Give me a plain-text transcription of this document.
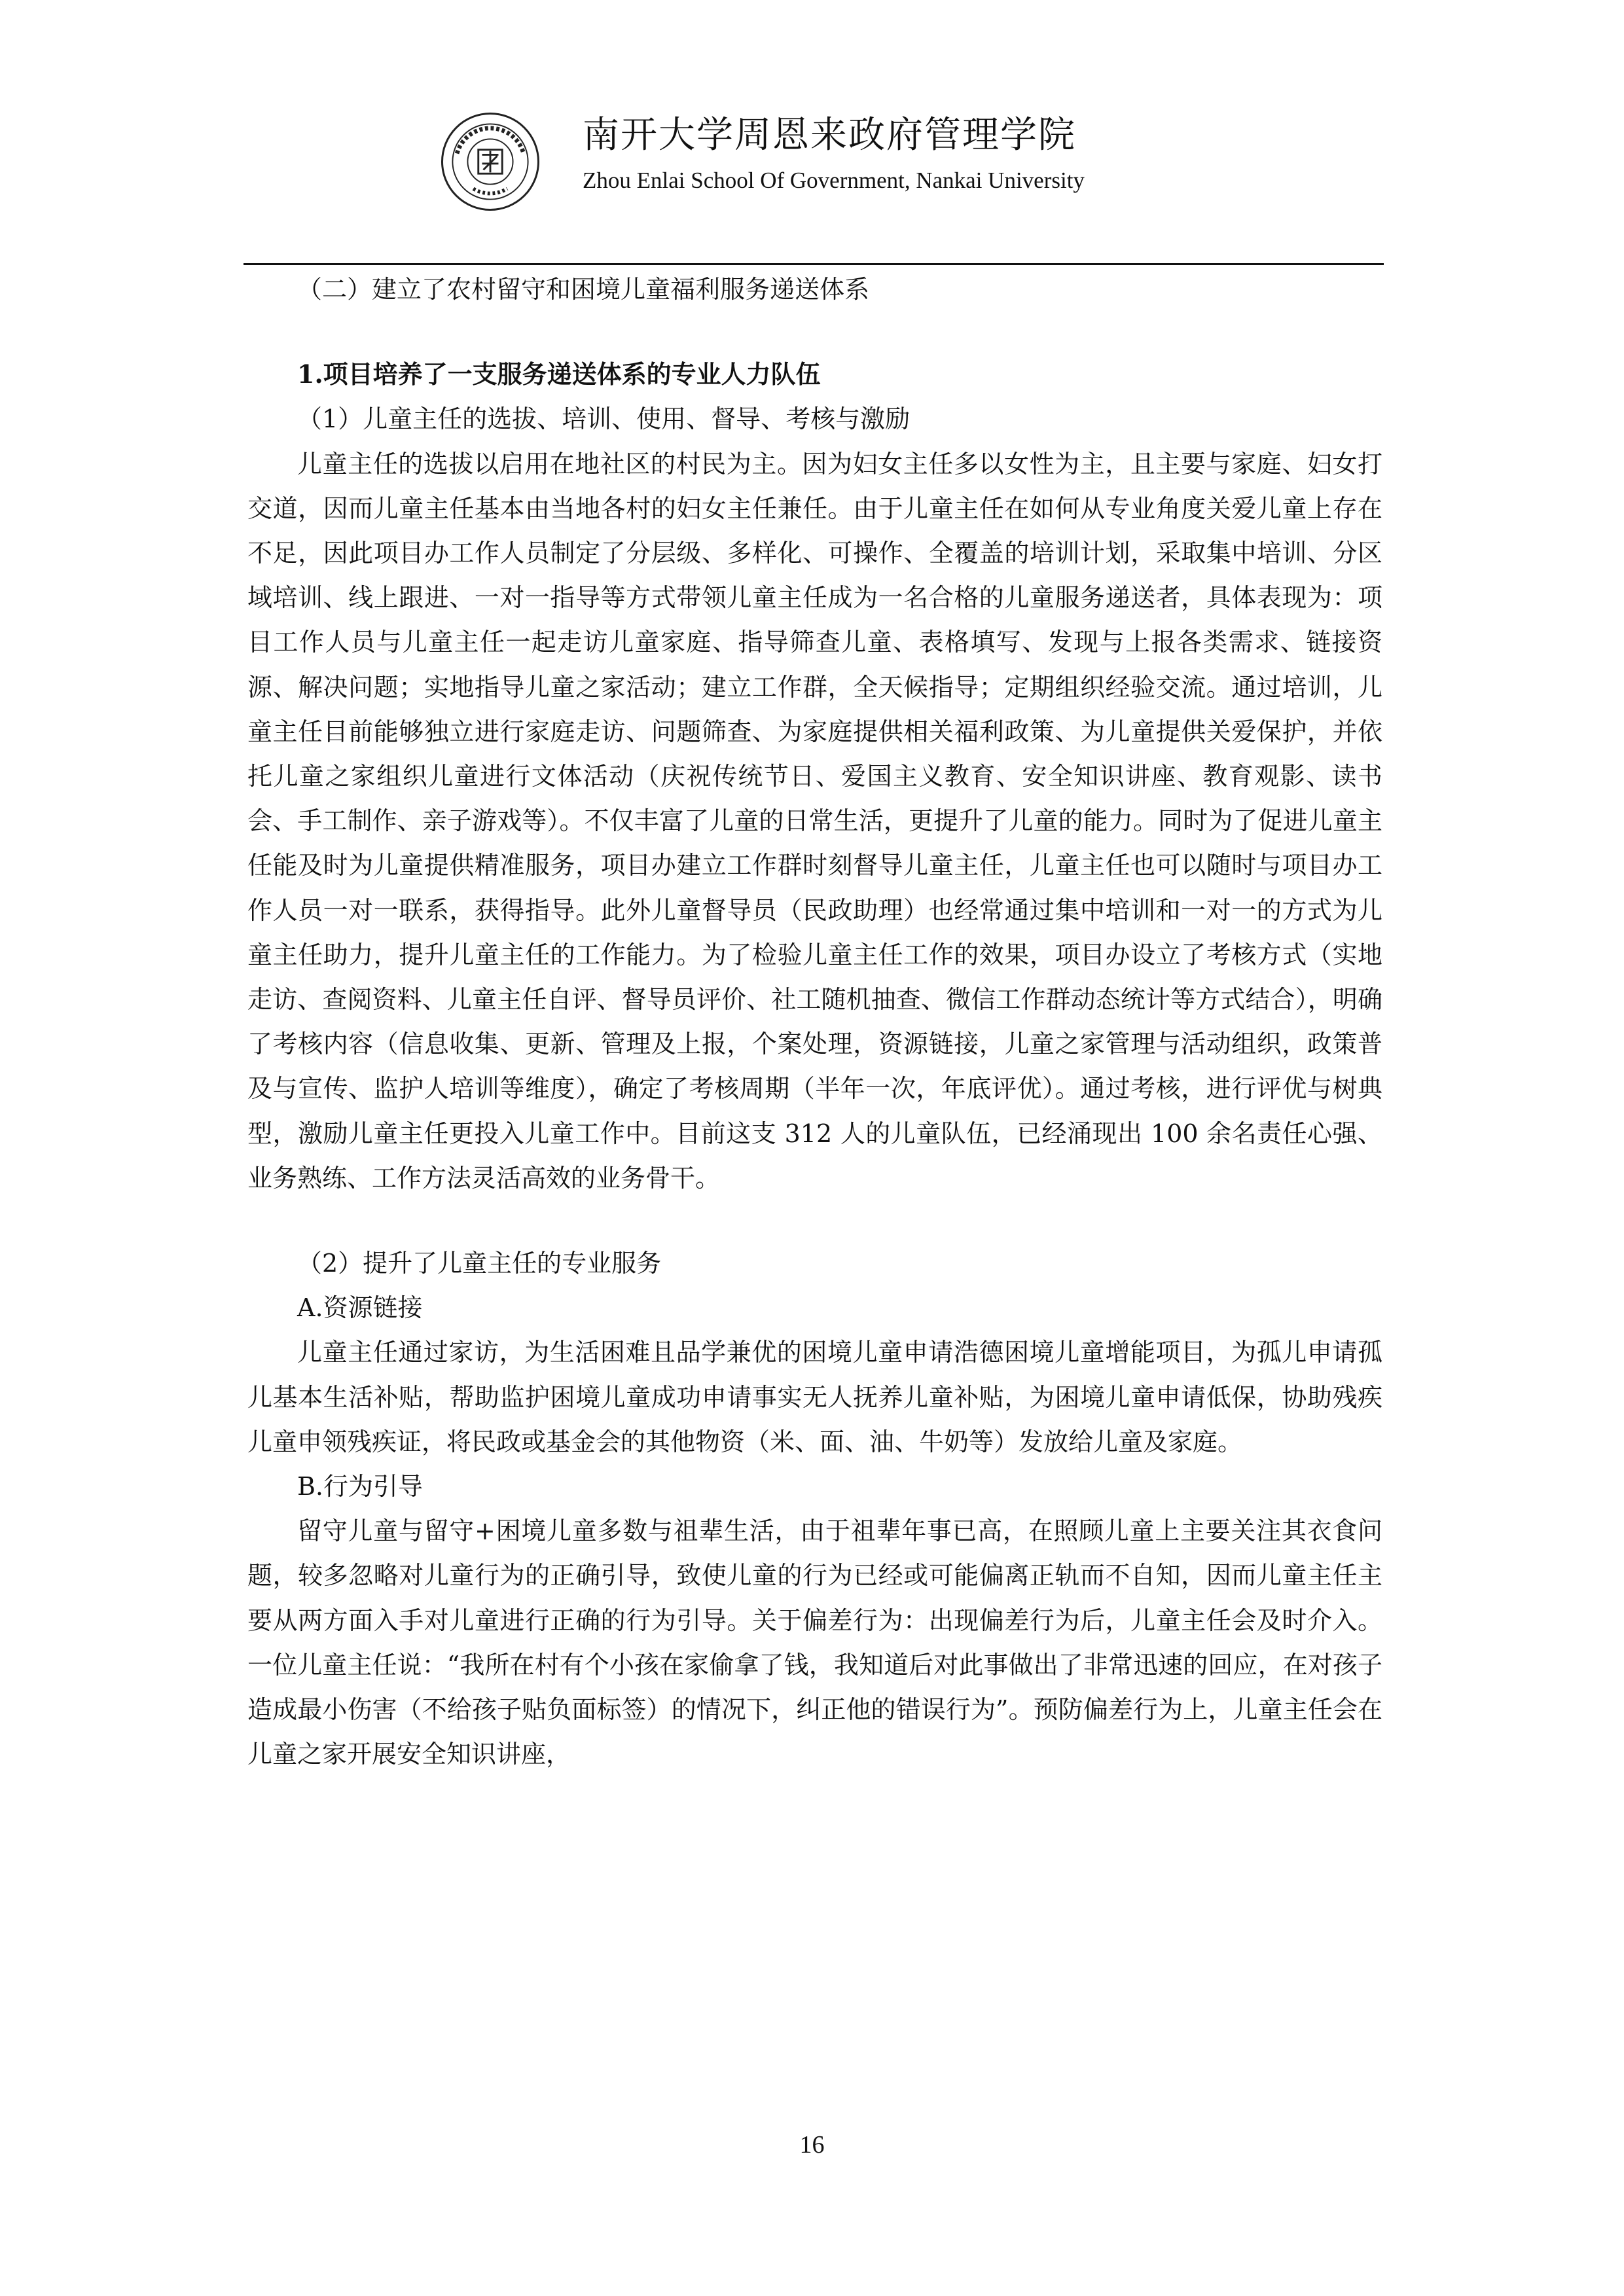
南开大学周恩来政府管理学院
Zhou Enlai School Of Government, Nankai University

（二）建立了农村留守和困境儿童福利服务递送体系

1.项目培养了一支服务递送体系的专业人力队伍

（1）儿童主任的选拔、培训、使用、督导、考核与激励

儿童主任的选拔以启用在地社区的村民为主。因为妇女主任多以女性为主，且主要与家庭、妇女打交道，因而儿童主任基本由当地各村的妇女主任兼任。由于儿童主任在如何从专业角度关爱儿童上存在不足，因此项目办工作人员制定了分层级、多样化、可操作、全覆盖的培训计划，采取集中培训、分区域培训、线上跟进、一对一指导等方式带领儿童主任成为一名合格的儿童服务递送者，具体表现为：项目工作人员与儿童主任一起走访儿童家庭、指导筛查儿童、表格填写、发现与上报各类需求、链接资源、解决问题；实地指导儿童之家活动；建立工作群，全天候指导；定期组织经验交流。通过培训，儿童主任目前能够独立进行家庭走访、问题筛查、为家庭提供相关福利政策、为儿童提供关爱保护，并依托儿童之家组织儿童进行文体活动（庆祝传统节日、爱国主义教育、安全知识讲座、教育观影、读书会、手工制作、亲子游戏等）。不仅丰富了儿童的日常生活，更提升了儿童的能力。同时为了促进儿童主任能及时为儿童提供精准服务，项目办建立工作群时刻督导儿童主任，儿童主任也可以随时与项目办工作人员一对一联系，获得指导。此外儿童督导员（民政助理）也经常通过集中培训和一对一的方式为儿童主任助力，提升儿童主任的工作能力。为了检验儿童主任工作的效果，项目办设立了考核方式（实地走访、查阅资料、儿童主任自评、督导员评价、社工随机抽查、微信工作群动态统计等方式结合），明确了考核内容（信息收集、更新、管理及上报，个案处理，资源链接，儿童之家管理与活动组织，政策普及与宣传、监护人培训等维度），确定了考核周期（半年一次，年底评优）。通过考核，进行评优与树典型，激励儿童主任更投入儿童工作中。目前这支 312 人的儿童队伍，已经涌现出 100 余名责任心强、业务熟练、工作方法灵活高效的业务骨干。

（2）提升了儿童主任的专业服务

A.资源链接

儿童主任通过家访，为生活困难且品学兼优的困境儿童申请浩德困境儿童增能项目，为孤儿申请孤儿基本生活补贴，帮助监护困境儿童成功申请事实无人抚养儿童补贴，为困境儿童申请低保，协助残疾儿童申领残疾证，将民政或基金会的其他物资（米、面、油、牛奶等）发放给儿童及家庭。

B.行为引导

留守儿童与留守+困境儿童多数与祖辈生活，由于祖辈年事已高，在照顾儿童上主要关注其衣食问题，较多忽略对儿童行为的正确引导，致使儿童的行为已经或可能偏离正轨而不自知，因而儿童主任主要从两方面入手对儿童进行正确的行为引导。关于偏差行为：出现偏差行为后，儿童主任会及时介入。一位儿童主任说：“我所在村有个小孩在家偷拿了钱，我知道后对此事做出了非常迅速的回应，在对孩子造成最小伤害（不给孩子贴负面标签）的情况下，纠正他的错误行为”。预防偏差行为上，儿童主任会在儿童之家开展安全知识讲座，

16
